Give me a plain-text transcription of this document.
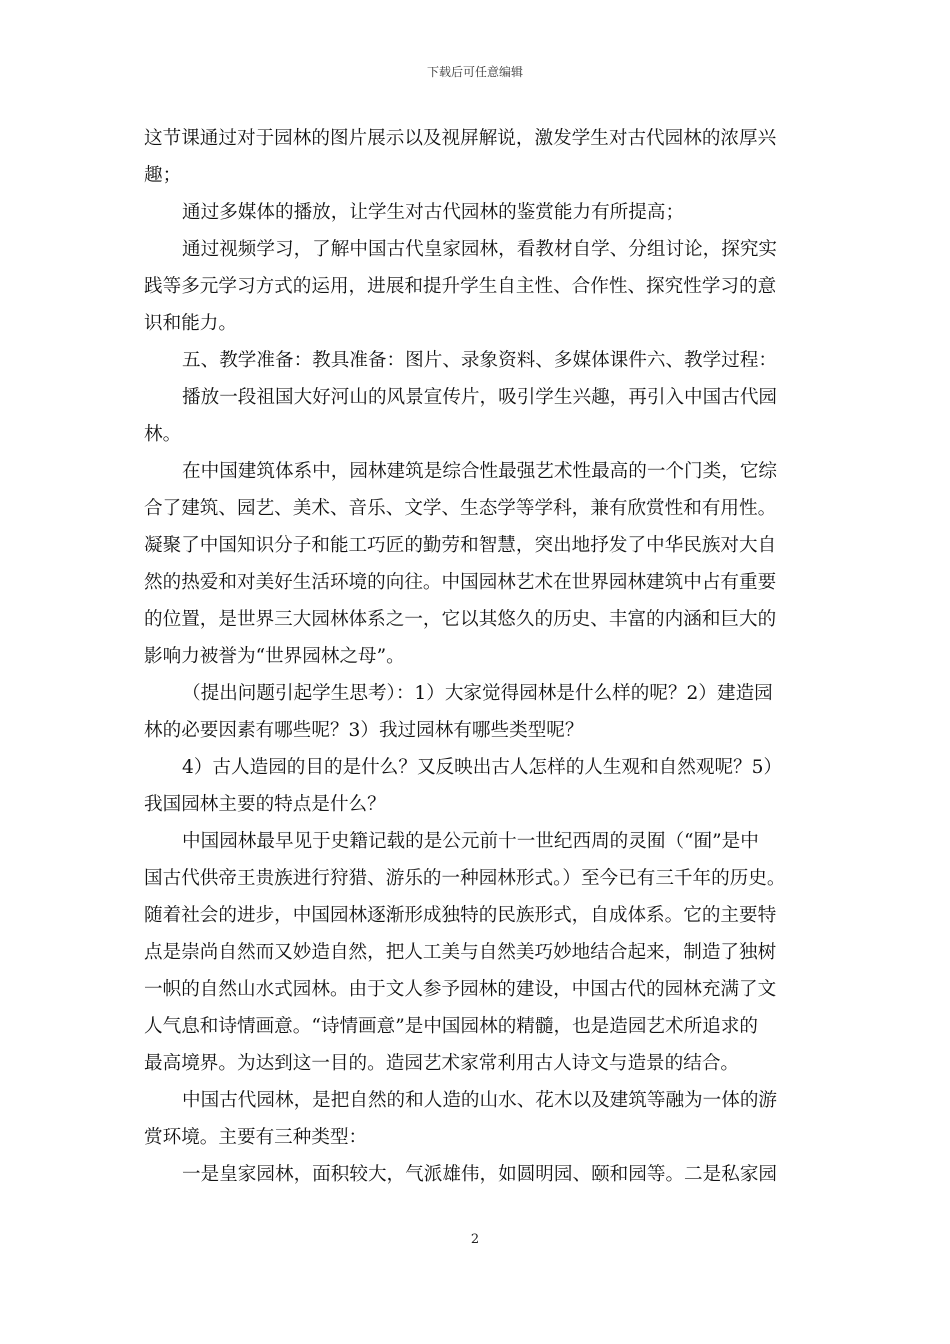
下载后可任意编辑
这节课通过对于园林的图片展示以及视屏解说，激发学生对古代园林的浓厚兴
趣；
通过多媒体的播放，让学生对古代园林的鉴赏能力有所提高；
通过视频学习，了解中国古代皇家园林，看教材自学、分组讨论，探究实
践等多元学习方式的运用，进展和提升学生自主性、合作性、探究性学习的意
识和能力。
五、教学准备：教具准备：图片、录象资料、多媒体课件六、教学过程：
播放一段祖国大好河山的风景宣传片，吸引学生兴趣，再引入中国古代园
林。
在中国建筑体系中，园林建筑是综合性最强艺术性最高的一个门类，它综
合了建筑、园艺、美术、音乐、文学、生态学等学科，兼有欣赏性和有用性。
凝聚了中国知识分子和能工巧匠的勤劳和智慧，突出地抒发了中华民族对大自
然的热爱和对美好生活环境的向往。中国园林艺术在世界园林建筑中占有重要
的位置，是世界三大园林体系之一，它以其悠久的历史、丰富的内涵和巨大的
影响力被誉为“世界园林之母”。
（提出问题引起学生思考）：1）大家觉得园林是什么样的呢？2）建造园
林的必要因素有哪些呢？3）我过园林有哪些类型呢？
4）古人造园的目的是什么？又反映出古人怎样的人生观和自然观呢？5）
我国园林主要的特点是什么？
中国园林最早见于史籍记载的是公元前十一世纪西周的灵囿（“囿”是中
国古代供帝王贵族进行狩猎、游乐的一种园林形式。）至今已有三千年的历史。
随着社会的进步，中国园林逐渐形成独特的民族形式，自成体系。它的主要特
点是崇尚自然而又妙造自然，把人工美与自然美巧妙地结合起来，制造了独树
一帜的自然山水式园林。由于文人参予园林的建设，中国古代的园林充满了文
人气息和诗情画意。“诗情画意”是中国园林的精髓，也是造园艺术所追求的
最高境界。为达到这一目的。造园艺术家常利用古人诗文与造景的结合。
中国古代园林，是把自然的和人造的山水、花木以及建筑等融为一体的游
赏环境。主要有三种类型：
一是皇家园林，面积较大，气派雄伟，如圆明园、颐和园等。二是私家园
2
